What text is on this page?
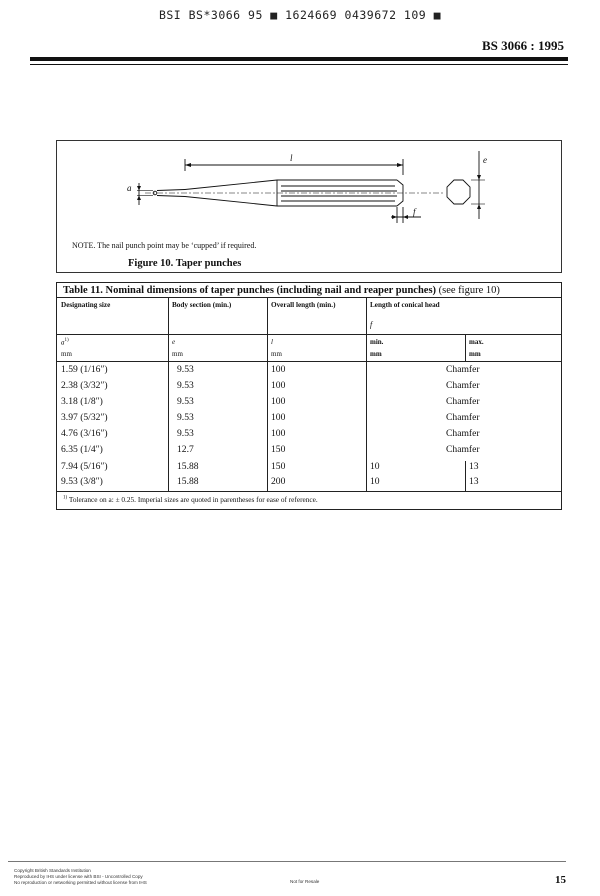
BSI BS*3066 95 ■ 1624669 0439672 109 ■
BS 3066 : 1995
l
a
e
f
NOTE. The nail punch point may be ‘cupped’ if required.
Figure 10. Taper punches
Table 11. Nominal dimensions of taper punches (including nail and reaper punches) (see figure 10)
Designating size	Body section (min.)	Overall length (min.)	Length of conical head
f
$a^{1)}$	e	l	min.	max.
mm	mm	mm	mm	mm
1.59 (1/16″)	9.53	100	Chamfer
2.38 (3/32″)	9.53	100	Chamfer
3.18 (1/8″)	9.53	100	Chamfer
3.97 (5/32″)	9.53	100	Chamfer
4.76 (3/16″)	9.53	100	Chamfer
6.35 (1/4″)	12.7	150	Chamfer
7.94 (5/16″)	15.88	150	10	13
9.53 (3/8″)	15.88	200	10	13
$^{1)}$ Tolerance on a: ± 0.25. Imperial sizes are quoted in parentheses for ease of reference.
Copyright British Standards Institution
Reproduced by IHS under license with BSI - Uncontrolled Copy
No reproduction or networking permitted without license from IHS	Not for Resale	15
